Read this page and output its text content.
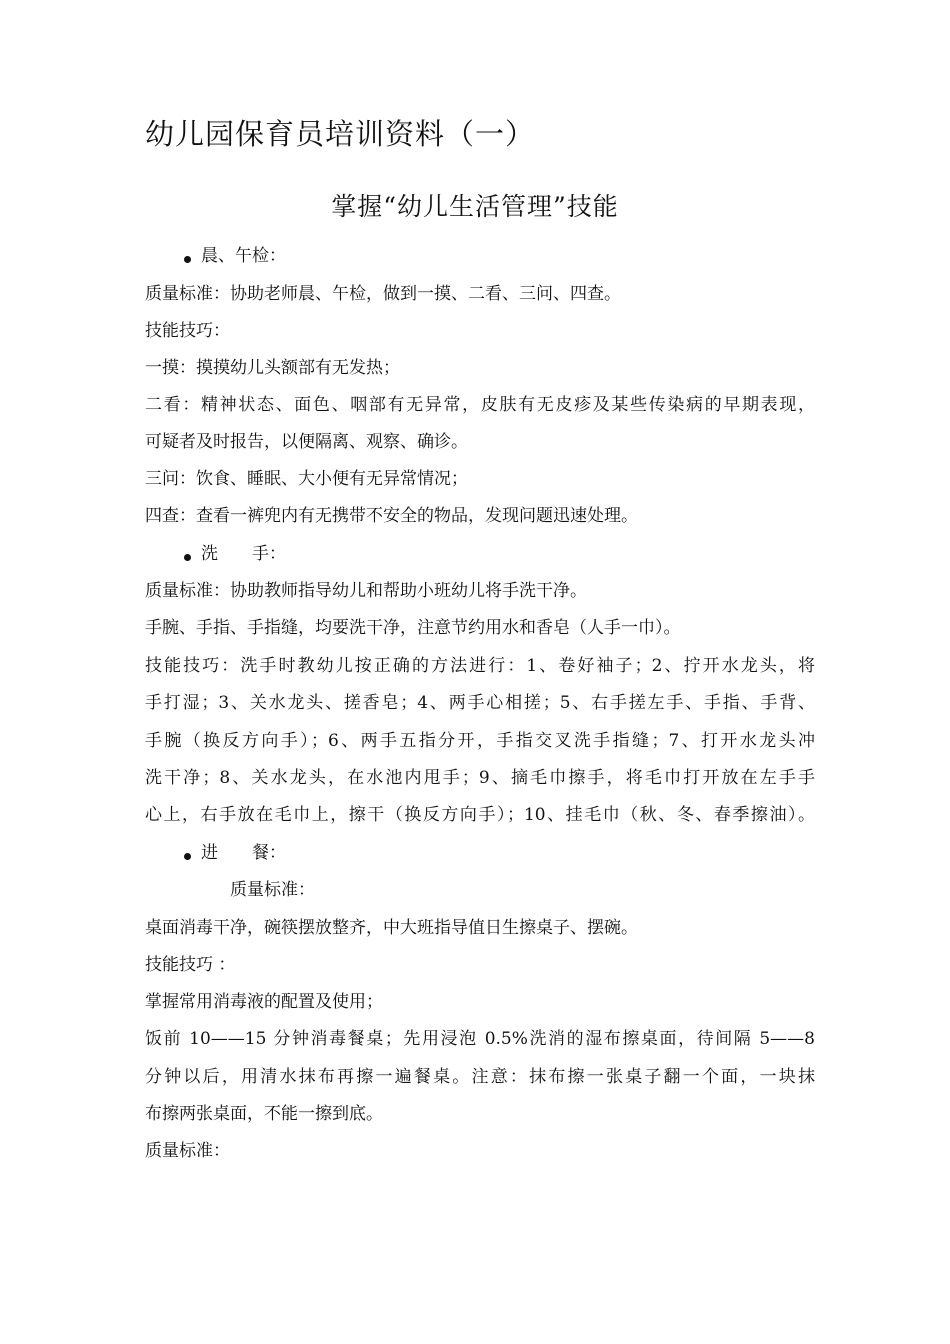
幼儿园保育员培训资料（一）
掌握“幼儿生活管理”技能
晨、午检：
质量标准：协助老师晨、午检，做到一摸、二看、三问、四查。
技能技巧：
一摸：摸摸幼儿头额部有无发热；
二看：精神状态、面色、咽部有无异常，皮肤有无皮疹及某些传染病的早期表现，
可疑者及时报告，以便隔离、观察、确诊。
三问：饮食、睡眠、大小便有无异常情况；
四查：查看一裤兜内有无携带不安全的物品，发现问题迅速处理。
洗　　手：
质量标准：协助教师指导幼儿和帮助小班幼儿将手洗干净。
手腕、手指、手指缝，均要洗干净，注意节约用水和香皂（人手一巾）。
技能技巧：洗手时教幼儿按正确的方法进行：1、卷好袖子；2、拧开水龙头，将
手打湿；3、关水龙头、搓香皂；4、两手心相搓；5、右手搓左手、手指、手背、
手腕（换反方向手）；6、两手五指分开，手指交叉洗手指缝；7、打开水龙头冲
洗干净；8、关水龙头，在水池内甩手；9、摘毛巾擦手，将毛巾打开放在左手手
心上，右手放在毛巾上，擦干（换反方向手）；10、挂毛巾（秋、冬、春季擦油）。
进　　餐：
质量标准：
桌面消毒干净，碗筷摆放整齐，中大班指导值日生擦桌子、摆碗。
技能技巧 ：
掌握常用消毒液的配置及使用；
饭前 10——15 分钟消毒餐桌；先用浸泡 0.5%洗消的湿布擦桌面，待间隔 5——8
分钟以后，用清水抹布再擦一遍餐桌。注意：抹布擦一张桌子翻一个面，一块抹
布擦两张桌面，不能一擦到底。
质量标准：
